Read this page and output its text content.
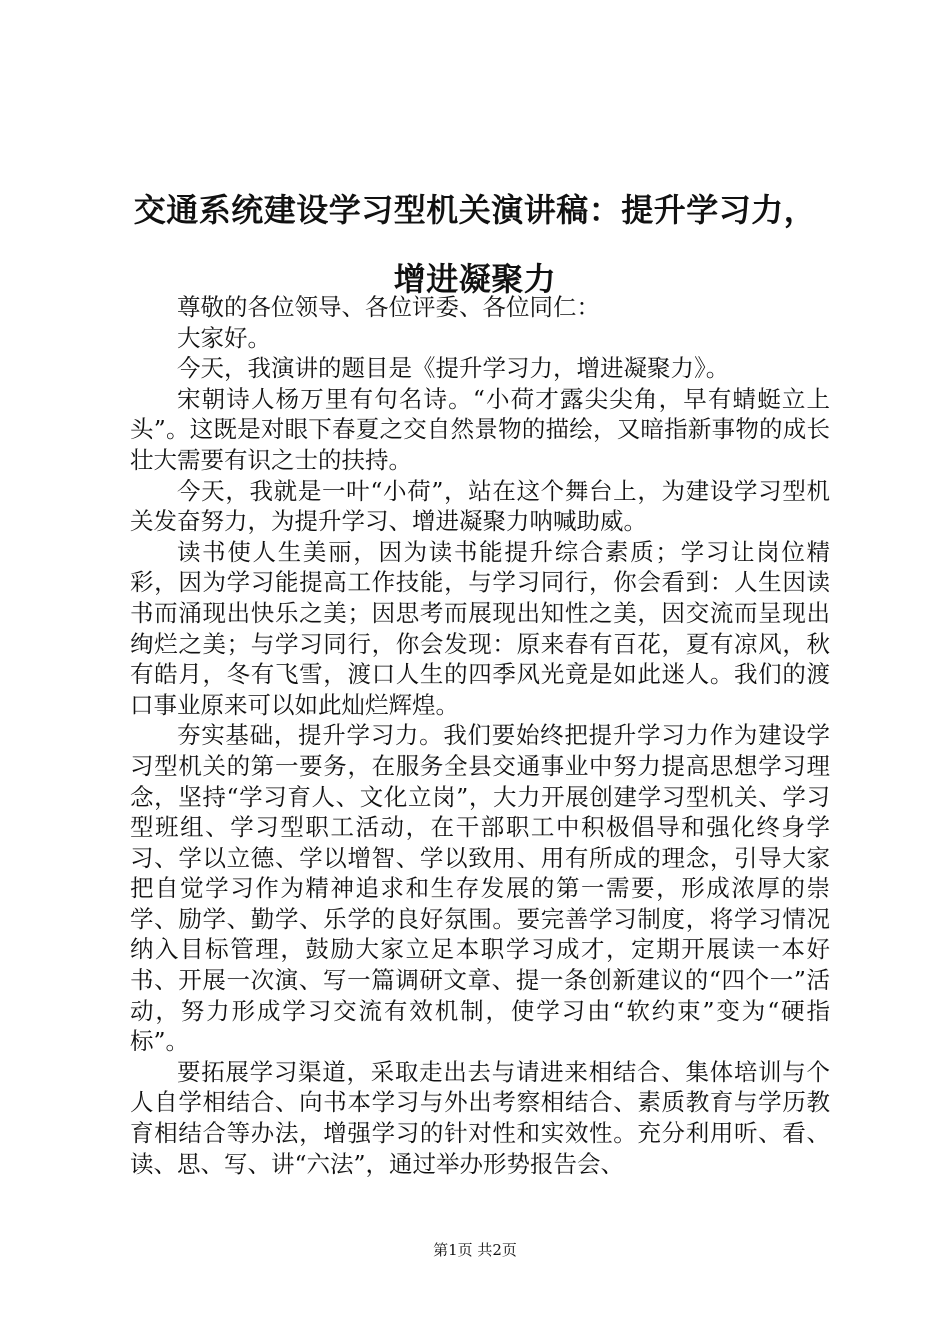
交通系统建设学习型机关演讲稿：提升学习力，增进凝聚力

尊敬的各位领导、各位评委、各位同仁：

大家好。

今天，我演讲的题目是《提升学习力，增进凝聚力》。

宋朝诗人杨万里有句名诗。“小荷才露尖尖角，早有蜻蜓立上头”。这既是对眼下春夏之交自然景物的描绘，又暗指新事物的成长壮大需要有识之士的扶持。

今天，我就是一叶“小荷”，站在这个舞台上，为建设学习型机关发奋努力，为提升学习、增进凝聚力呐喊助威。

读书使人生美丽，因为读书能提升综合素质；学习让岗位精彩，因为学习能提高工作技能，与学习同行，你会看到：人生因读书而涌现出快乐之美；因思考而展现出知性之美，因交流而呈现出绚烂之美；与学习同行，你会发现：原来春有百花，夏有凉风，秋有皓月，冬有飞雪，渡口人生的四季风光竟是如此迷人。我们的渡口事业原来可以如此灿烂辉煌。

夯实基础，提升学习力。我们要始终把提升学习力作为建设学习型机关的第一要务，在服务全县交通事业中努力提高思想学习理念，坚持“学习育人、文化立岗”，大力开展创建学习型机关、学习型班组、学习型职工活动，在干部职工中积极倡导和强化终身学习、学以立德、学以增智、学以致用、用有所成的理念，引导大家把自觉学习作为精神追求和生存发展的第一需要，形成浓厚的崇学、励学、勤学、乐学的良好氛围。要完善学习制度，将学习情况纳入目标管理，鼓励大家立足本职学习成才，定期开展读一本好书、开展一次演、写一篇调研文章、提一条创新建议的“四个一”活动，努力形成学习交流有效机制，使学习由“软约束”变为“硬指标”。

要拓展学习渠道，采取走出去与请进来相结合、集体培训与个人自学相结合、向书本学习与外出考察相结合、素质教育与学历教育相结合等办法，增强学习的针对性和实效性。充分利用听、看、读、思、写、讲“六法”，通过举办形势报告会、

第1页 共2页
